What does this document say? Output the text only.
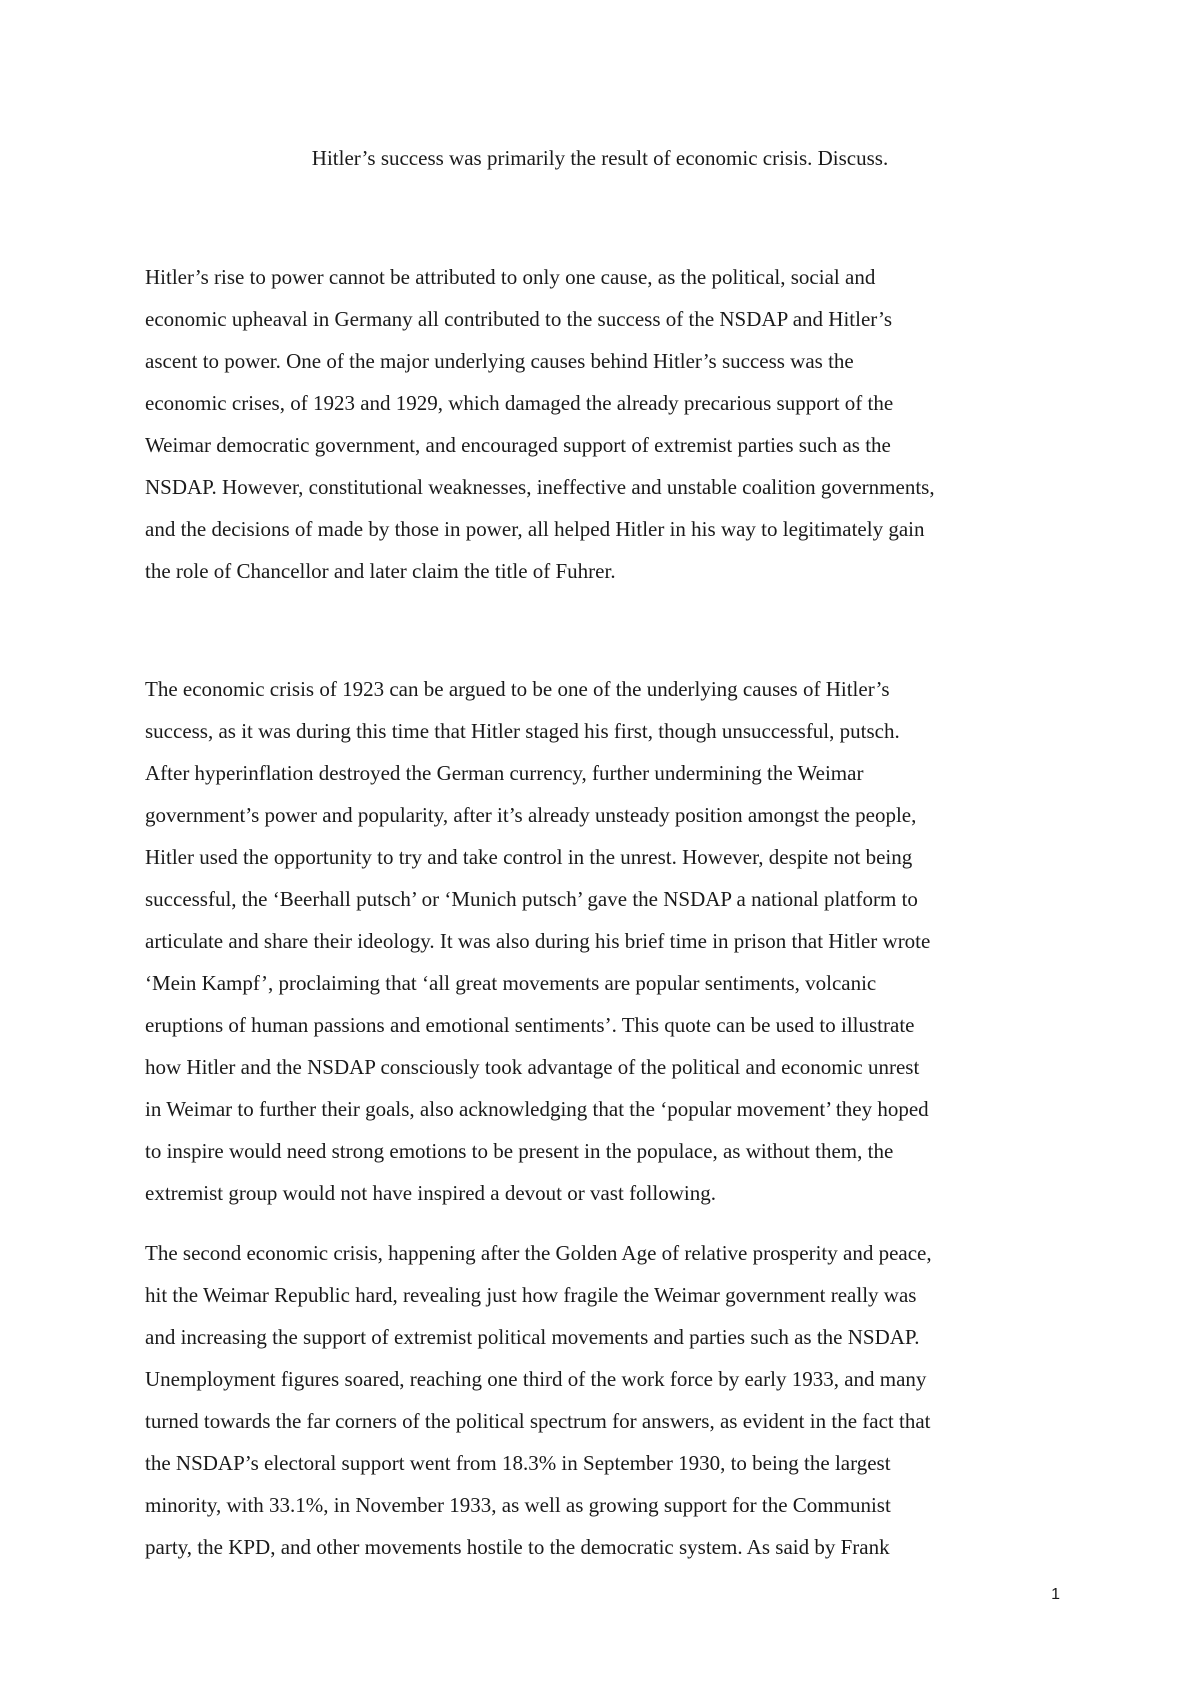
Hitler’s success was primarily the result of economic crisis. Discuss.

Hitler’s rise to power cannot be attributed to only one cause, as the political, social and
economic upheaval in Germany all contributed to the success of the NSDAP and Hitler’s
ascent to power. One of the major underlying causes behind Hitler’s success was the
economic crises, of 1923 and 1929, which damaged the already precarious support of the
Weimar democratic government, and encouraged support of extremist parties such as the
NSDAP. However, constitutional weaknesses, ineffective and unstable coalition governments,
and the decisions of made by those in power, all helped Hitler in his way to legitimately gain
the role of Chancellor and later claim the title of Fuhrer.

The economic crisis of 1923 can be argued to be one of the underlying causes of Hitler’s
success, as it was during this time that Hitler staged his first, though unsuccessful, putsch.
After hyperinflation destroyed the German currency, further undermining the Weimar
government’s power and popularity, after it’s already unsteady position amongst the people,
Hitler used the opportunity to try and take control in the unrest. However, despite not being
successful, the ‘Beerhall putsch’ or ‘Munich putsch’ gave the NSDAP a national platform to
articulate and share their ideology. It was also during his brief time in prison that Hitler wrote
‘Mein Kampf’, proclaiming that ‘all great movements are popular sentiments, volcanic
eruptions of human passions and emotional sentiments’. This quote can be used to illustrate
how Hitler and the NSDAP consciously took advantage of the political and economic unrest
in Weimar to further their goals, also acknowledging that the ‘popular movement’ they hoped
to inspire would need strong emotions to be present in the populace, as without them, the
extremist group would not have inspired a devout or vast following.

The second economic crisis, happening after the Golden Age of relative prosperity and peace,
hit the Weimar Republic hard, revealing just how fragile the Weimar government really was
and increasing the support of extremist political movements and parties such as the NSDAP.
Unemployment figures soared, reaching one third of the work force by early 1933, and many
turned towards the far corners of the political spectrum for answers, as evident in the fact that
the NSDAP’s electoral support went from 18.3% in September 1930, to being the largest
minority, with 33.1%, in November 1933, as well as growing support for the Communist
party, the KPD, and other movements hostile to the democratic system. As said by Frank

1
